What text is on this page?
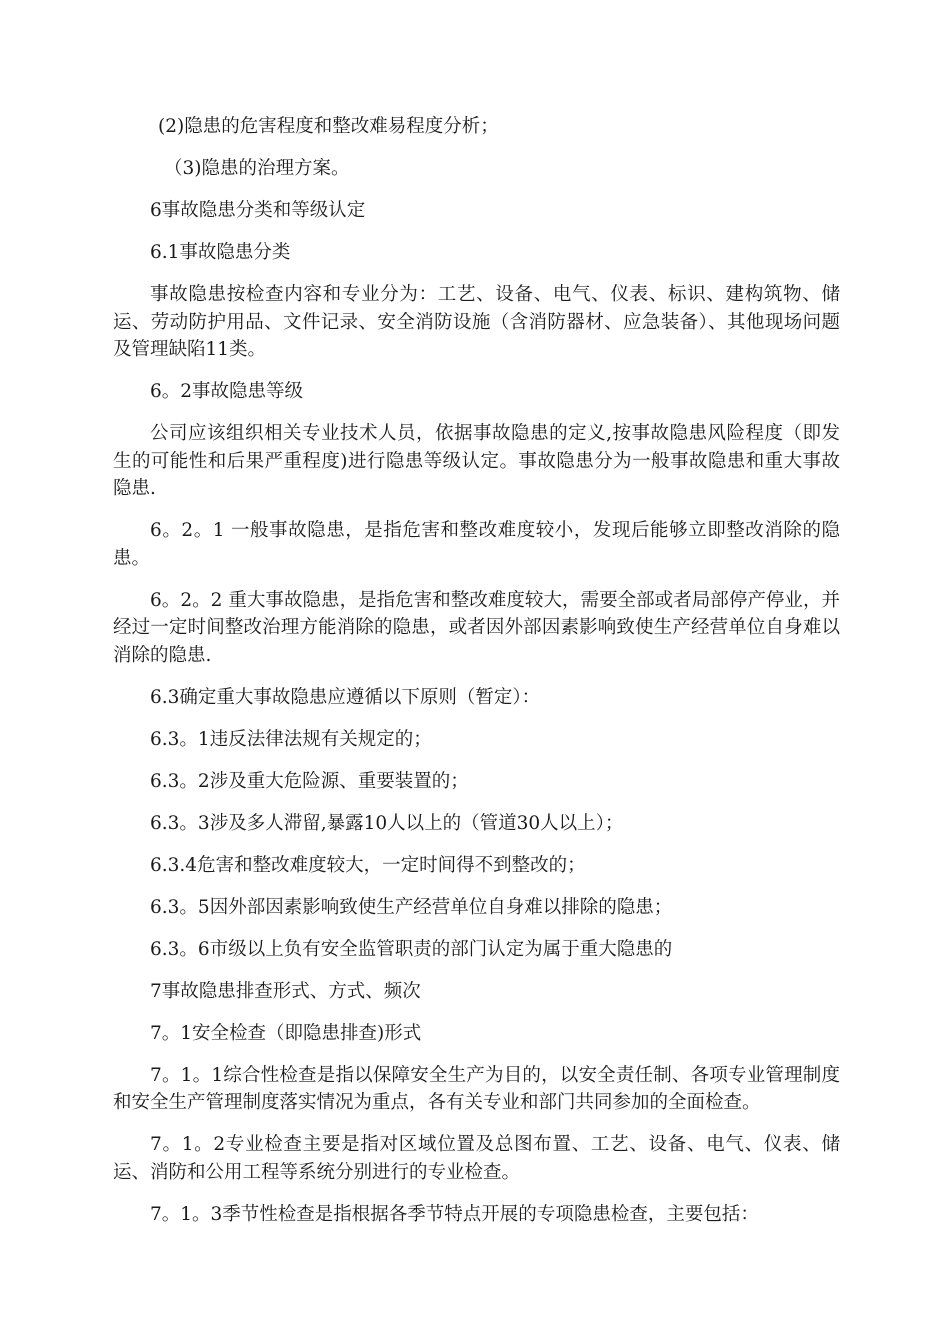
(2)隐患的危害程度和整改难易程度分析；

（3)隐患的治理方案。

6事故隐患分类和等级认定

6.1事故隐患分类

事故隐患按检查内容和专业分为：工艺、设备、电气、仪表、标识、建构筑物、储运、劳动防护用品、文件记录、安全消防设施（含消防器材、应急装备）、其他现场问题及管理缺陷11类。

6。2事故隐患等级

公司应该组织相关专业技术人员，依据事故隐患的定义,按事故隐患风险程度（即发生的可能性和后果严重程度)进行隐患等级认定。事故隐患分为一般事故隐患和重大事故隐患.

6。2。1 一般事故隐患，是指危害和整改难度较小，发现后能够立即整改消除的隐患。

6。2。2 重大事故隐患，是指危害和整改难度较大，需要全部或者局部停产停业，并经过一定时间整改治理方能消除的隐患，或者因外部因素影响致使生产经营单位自身难以消除的隐患.

6.3确定重大事故隐患应遵循以下原则（暂定）：

6.3。1违反法律法规有关规定的；

6.3。2涉及重大危险源、重要装置的；

6.3。3涉及多人滞留,暴露10人以上的（管道30人以上）；

6.3.4危害和整改难度较大，一定时间得不到整改的；

6.3。5因外部因素影响致使生产经营单位自身难以排除的隐患；

6.3。6市级以上负有安全监管职责的部门认定为属于重大隐患的

7事故隐患排查形式、方式、频次

7。1安全检查（即隐患排查)形式

7。1。1综合性检查是指以保障安全生产为目的，以安全责任制、各项专业管理制度和安全生产管理制度落实情况为重点，各有关专业和部门共同参加的全面检查。

7。1。2专业检查主要是指对区域位置及总图布置、工艺、设备、电气、仪表、储运、消防和公用工程等系统分别进行的专业检查。

7。1。3季节性检查是指根据各季节特点开展的专项隐患检查，主要包括：
